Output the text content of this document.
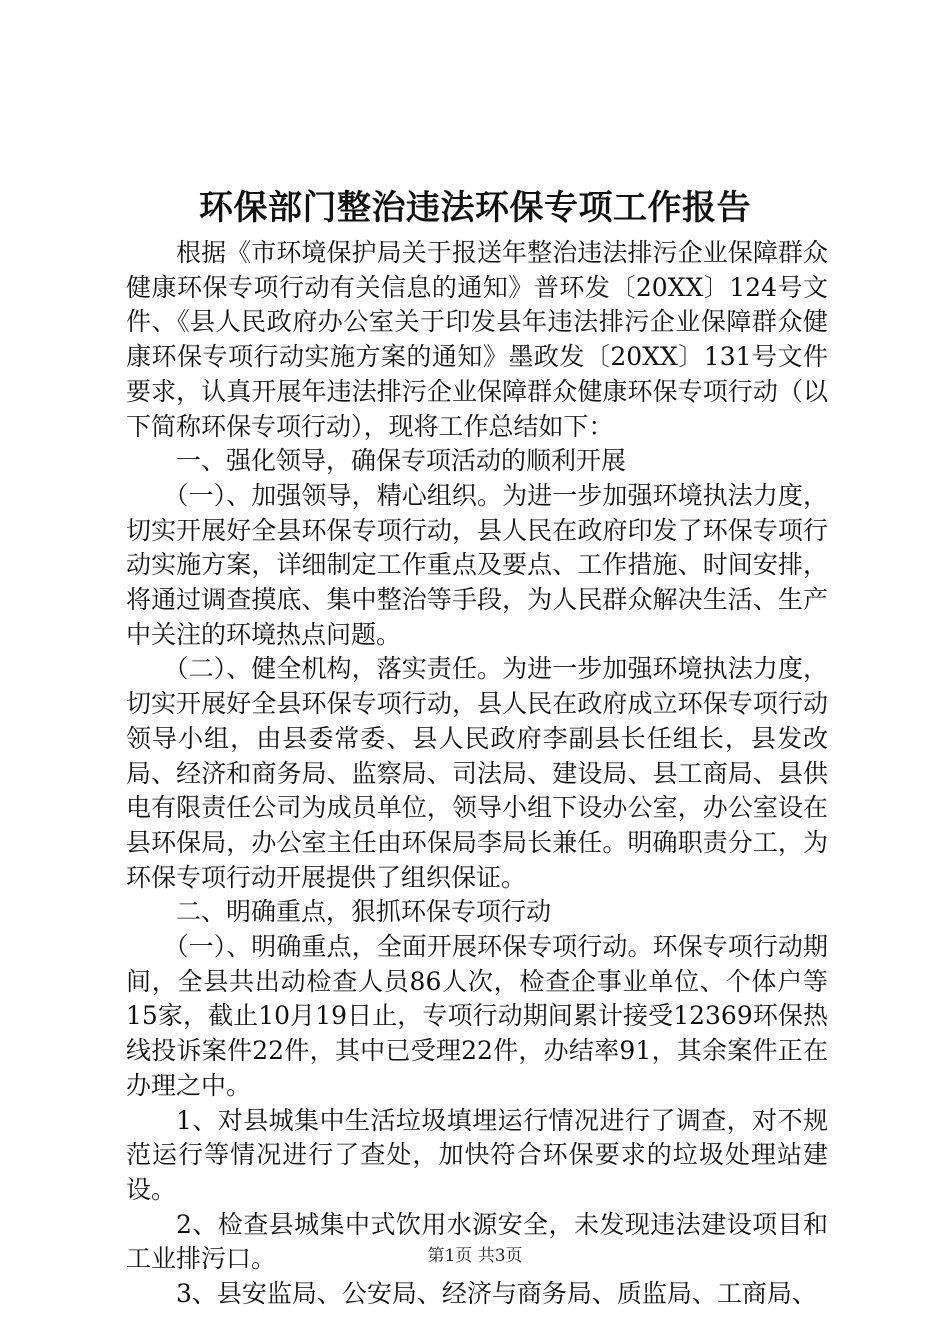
环保部门整治违法环保专项工作报告

根据《市环境保护局关于报送年整治违法排污企业保障群众健康环保专项行动有关信息的通知》普环发〔20XX〕124号文件、《县人民政府办公室关于印发县年违法排污企业保障群众健康环保专项行动实施方案的通知》墨政发〔20XX〕131号文件要求，认真开展年违法排污企业保障群众健康环保专项行动（以下简称环保专项行动），现将工作总结如下：

一、强化领导，确保专项活动的顺利开展

（一）、加强领导，精心组织。为进一步加强环境执法力度，切实开展好全县环保专项行动，县人民在政府印发了环保专项行动实施方案，详细制定工作重点及要点、工作措施、时间安排，将通过调查摸底、集中整治等手段，为人民群众解决生活、生产中关注的环境热点问题。

（二）、健全机构，落实责任。为进一步加强环境执法力度，切实开展好全县环保专项行动，县人民在政府成立环保专项行动领导小组，由县委常委、县人民政府李副县长任组长，县发改局、经济和商务局、监察局、司法局、建设局、县工商局、县供电有限责任公司为成员单位，领导小组下设办公室，办公室设在县环保局，办公室主任由环保局李局长兼任。明确职责分工，为环保专项行动开展提供了组织保证。

二、明确重点，狠抓环保专项行动

（一）、明确重点，全面开展环保专项行动。环保专项行动期间，全县共出动检查人员86人次，检查企事业单位、个体户等15家，截止10月19日止，专项行动期间累计接受12369环保热线投诉案件22件，其中已受理22件，办结率91，其余案件正在办理之中。

1、对县城集中生活垃圾填埋运行情况进行了调查，对不规范运行等情况进行了查处，加快符合环保要求的垃圾处理站建设。

2、检查县城集中式饮用水源安全，未发现违法建设项目和工业排污口。

3、县安监局、公安局、经济与商务局、质监局、工商局、

第1页 共3页
